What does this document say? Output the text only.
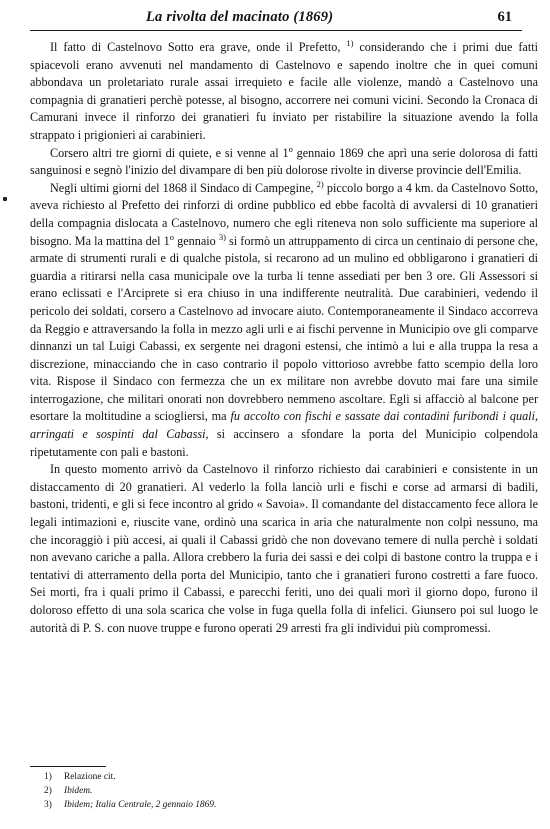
La rivolta del macinato (1869)	61

Il fatto di Castelnovo Sotto era grave, onde il Prefetto, $^{1)}$ considerando che i primi due fatti spiacevoli erano avvenuti nel mandamento di Castelnovo e sapendo inoltre che in quei comuni abbondava un proletariato rurale assai irrequieto e facile alle violenze, mandò a Castelnovo una compagnia di granatieri perchè potesse, al bisogno, accorrere nei comuni vicini. Secondo la Cronaca di Camurani invece il rinforzo dei granatieri fu inviato per ristabilire la situazione avendo la folla strappato i prigionieri ai carabinieri.

Corsero altri tre giorni di quiete, e si venne al 1$^o$ gennaio 1869 che aprì una serie dolorosa di fatti sanguinosi e segnò l'inizio del divampare di ben più dolorose rivolte in diverse provincie dell'Emilia.

Negli ultimi giorni del 1868 il Sindaco di Campegine, $^{2)}$ piccolo borgo a 4 km. da Castelnovo Sotto, aveva richiesto al Prefetto dei rinforzi di ordine pubblico ed ebbe facoltà di avvalersi di 10 granatieri della compagnia dislocata a Castelnovo, numero che egli riteneva non solo sufficiente ma superiore al bisogno. Ma la mattina del 1$^o$ gennaio $^{3)}$ si formò un attruppamento di circa un centinaio di persone che, armate di strumenti rurali e di qualche pistola, si recarono ad un mulino ed obbligarono i granatieri di guardia a ritirarsi nella casa municipale ove la turba li tenne assediati per ben 3 ore. Gli Assessori si erano eclissati e l'Arciprete si era chiuso in una indifferente neutralità. Due carabinieri, vedendo il pericolo dei soldati, corsero a Castelnovo ad invocare aiuto. Contemporaneamente il Sindaco accorreva da Reggio e attraversando la folla in mezzo agli urli e ai fischi pervenne in Municipio ove gli comparve dinnanzi un tal Luigi Cabassi, ex sergente nei dragoni estensi, che intimò a lui e alla truppa la resa a discrezione, minacciando che in caso contrario il popolo vittorioso avrebbe fatto scempio della loro vita. Rispose il Sindaco con fermezza che un ex militare non avrebbe dovuto mai fare una simile interrogazione, che militari onorati non dovrebbero nemmeno ascoltare. Egli si affacciò al balcone per esortare la moltitudine a sciogliersi, ma fu accolto con fischi e sassate dai contadini furibondi i quali, arringati e sospinti dal Cabassi, si accinsero a sfondare la porta del Municipio colpendola ripetutamente con pali e bastoni.

In questo momento arrivò da Castelnovo il rinforzo richiesto dai carabinieri e consistente in un distaccamento di 20 granatieri. Al vederlo la folla lanciò urli e fischi e corse ad armarsi di badili, bastoni, tridenti, e gli si fece incontro al grido « Savoia». Il comandante del distaccamento fece allora le legali intimazioni e, riuscite vane, ordinò una scarica in aria che naturalmente non colpì nessuno, ma che incoraggiò i più accesi, ai quali il Cabassi gridò che non dovevano temere di nulla perchè i soldati non avevano cariche a palla. Allora crebbero la furia dei sassi e dei colpi di bastone contro la truppa e i tentativi di atterramento della porta del Municipio, tanto che i granatieri furono costretti a fare fuoco. Sei morti, fra i quali primo il Cabassi, e parecchi feriti, uno dei quali morì il giorno dopo, furono il doloroso effetto di una sola scarica che volse in fuga quella folla di infelici. Giunsero poi sul luogo le autorità di P. S. con nuove truppe e furono operati 29 arresti fra gli individui più compromessi.

1)	Relazione cit.
2)	Ibidem.
3)	Ibidem; Italia Centrale, 2 gennaio 1869.
